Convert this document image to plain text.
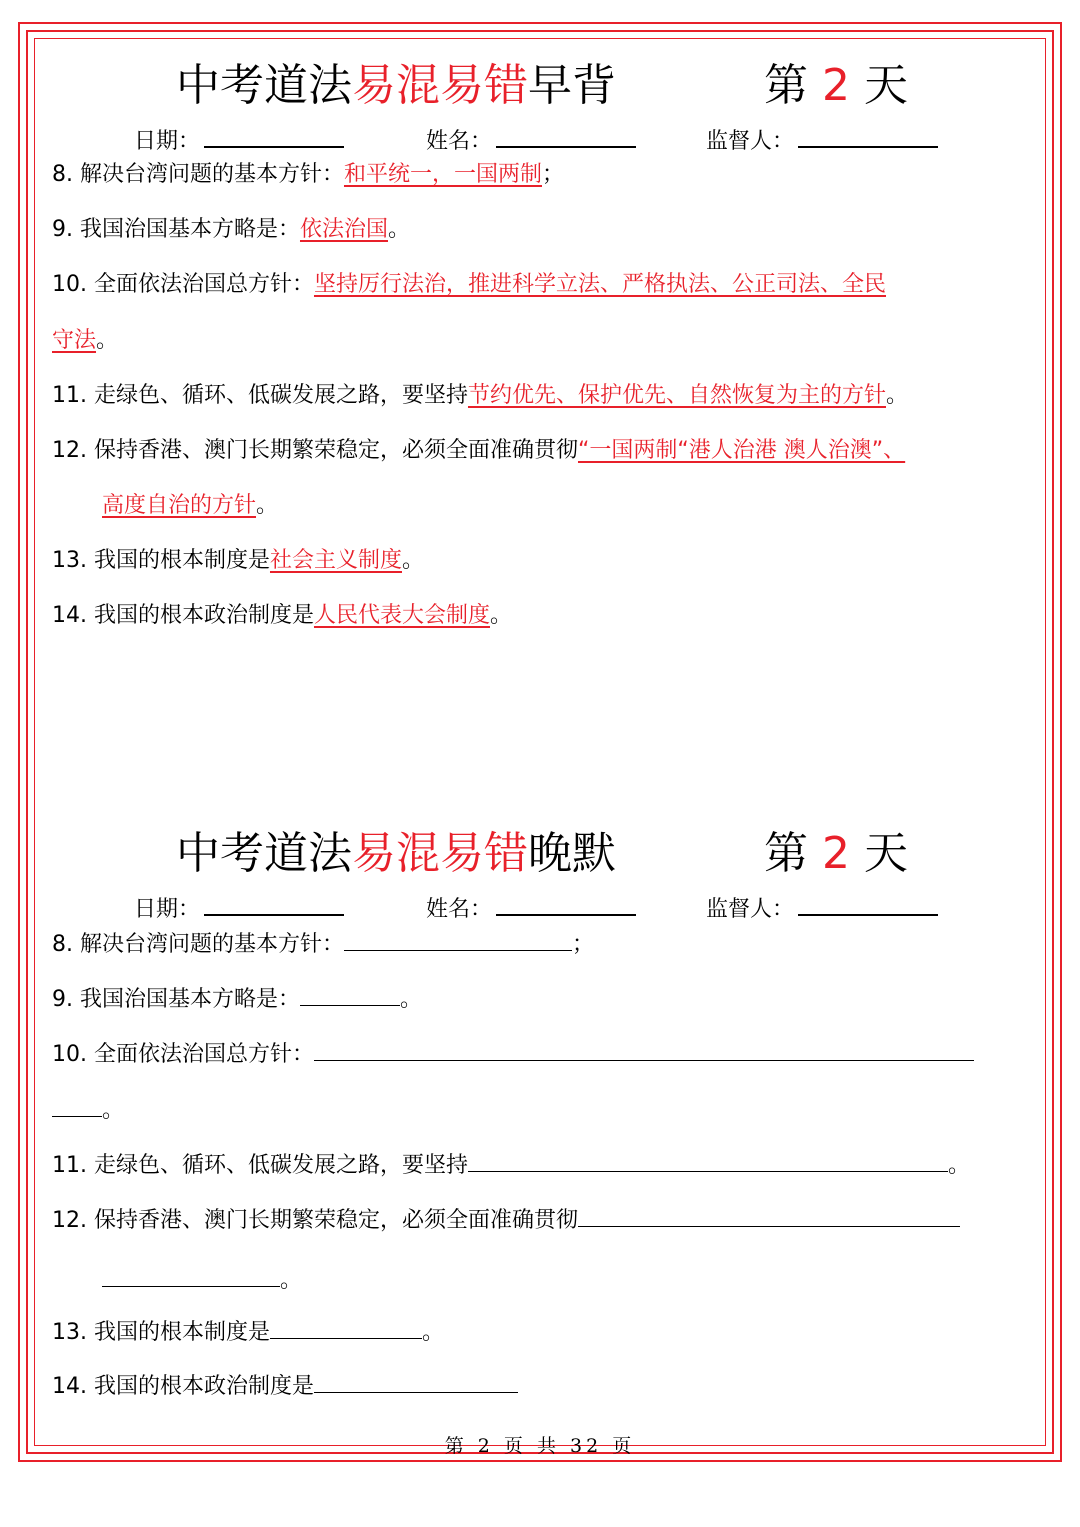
中考道法易混易错早背	第 2 天
日期：	姓名：	监督人：
8. 解决台湾问题的基本方针：和平统一，一国两制；
9. 我国治国基本方略是：依法治国。
10. 全面依法治国总方针：坚持厉行法治，推进科学立法、严格执法、公正司法、全民
守法。
11. 走绿色、循环、低碳发展之路，要坚持节约优先、保护优先、自然恢复为主的方针。
12. 保持香港、澳门长期繁荣稳定，必须全面准确贯彻“一国两制“港人治港 澳人治澳”、
高度自治的方针。
13. 我国的根本制度是社会主义制度。
14. 我国的根本政治制度是人民代表大会制度。
中考道法易混易错晚默	第 2 天
日期：	姓名：	监督人：
8. 解决台湾问题的基本方针：	；
9. 我国治国基本方略是：	。
10. 全面依法治国总方针：
。
11. 走绿色、循环、低碳发展之路，要坚持	。
12. 保持香港、澳门长期繁荣稳定，必须全面准确贯彻
。
13. 我国的根本制度是	。
14. 我国的根本政治制度是
第 2 页 共 32 页
